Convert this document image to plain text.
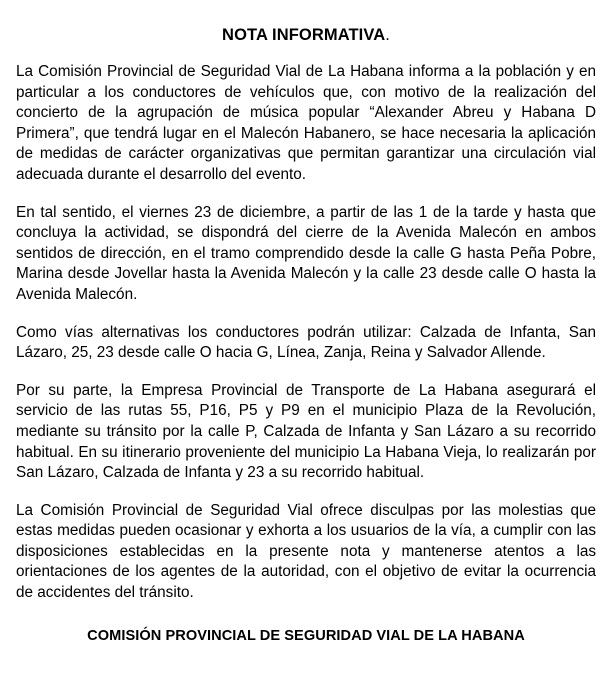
NOTA INFORMATIVA.

La Comisión Provincial de Seguridad Vial de La Habana informa a la población y en particular a los conductores de vehículos que, con motivo de la realización del concierto de la agrupación de música popular “Alexander Abreu y Habana D Primera”, que tendrá lugar en el Malecón Habanero, se hace necesaria la aplicación de medidas de carácter organizativas que permitan garantizar una circulación vial adecuada durante el desarrollo del evento.

En tal sentido, el viernes 23 de diciembre, a partir de las 1 de la tarde y hasta que concluya la actividad, se dispondrá del cierre de la Avenida Malecón en ambos sentidos de dirección, en el tramo comprendido desde la calle G hasta Peña Pobre, Marina desde Jovellar hasta la Avenida Malecón y la calle 23 desde calle O hasta la Avenida Malecón.

Como vías alternativas los conductores podrán utilizar: Calzada de Infanta, San Lázaro, 25, 23 desde calle O hacia G, Línea, Zanja, Reina y Salvador Allende.

Por su parte, la Empresa Provincial de Transporte de La Habana asegurará el servicio de las rutas 55, P16, P5 y P9 en el municipio Plaza de la Revolución, mediante su tránsito por la calle P, Calzada de Infanta y San Lázaro a su recorrido habitual. En su itinerario proveniente del municipio La Habana Vieja, lo realizarán por San Lázaro, Calzada de Infanta y 23 a su recorrido habitual.

La Comisión Provincial de Seguridad Vial ofrece disculpas por las molestias que estas medidas pueden ocasionar y exhorta a los usuarios de la vía, a cumplir con las disposiciones establecidas en la presente nota y mantenerse atentos a las orientaciones de los agentes de la autoridad, con el objetivo de evitar la ocurrencia de accidentes del tránsito.

COMISIÓN PROVINCIAL DE SEGURIDAD VIAL DE LA HABANA
